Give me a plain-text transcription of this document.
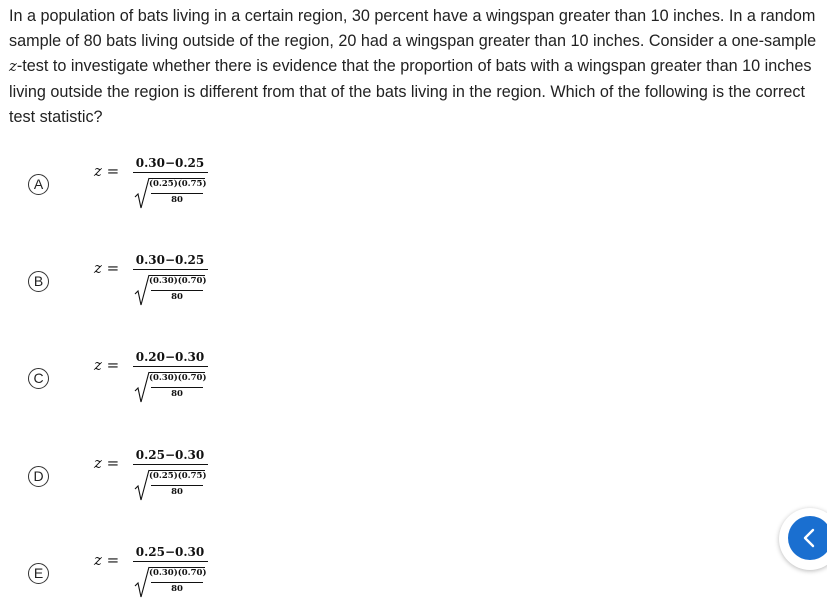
In a population of bats living in a certain region, 30 percent have a wingspan greater than 10 inches. In a random sample of 80 bats living outside of the region, 20 had a wingspan greater than 10 inches. Consider a one-sample z-test to investigate whether there is evidence that the proportion of bats with a wingspan greater than 10 inches living outside the region is different from that of the bats living in the region. Which of the following is the correct test statistic?

A
z = 0.30−0.25
(0.25)(0.75)
80
B
z = 0.30−0.25
(0.30)(0.70)
80
C
z = 0.20−0.30
(0.30)(0.70)
80
D
z = 0.25−0.30
(0.25)(0.75)
80
E
z = 0.25−0.30
(0.30)(0.70)
80
